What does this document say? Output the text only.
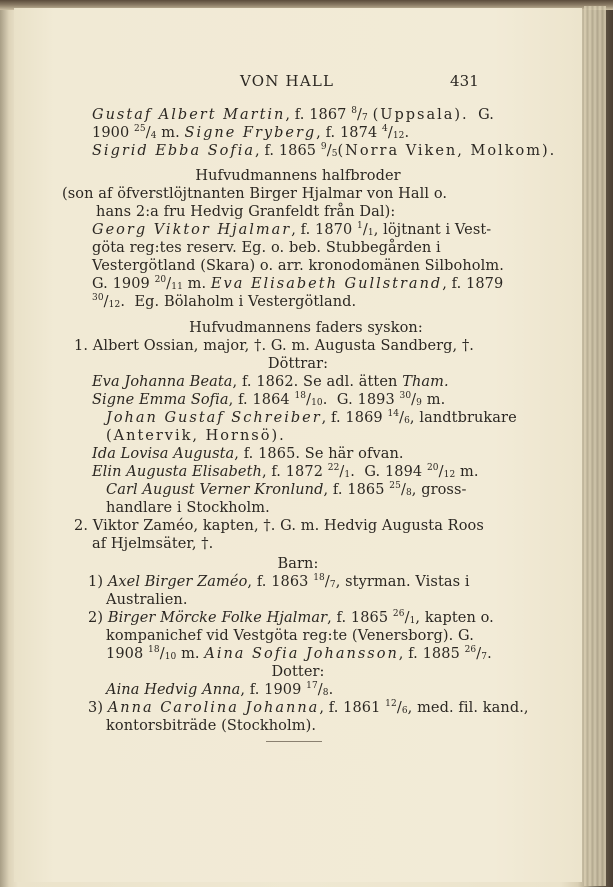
VON HALL	431
Gustaf Albert Martin, f. 1867 $^8/_7$ (Uppsala). G.
1900 $^{25}/_4$ m. Signe Fryberg, f. 1874 $^4/_{12}$.
Sigrid Ebba Sofia, f. 1865 $^9/_5(Norra$ Viken, Molkom).
Hufvudmannens halfbroder
(son af öfverstlöjtnanten Birger Hjalmar von Hall o.
hans 2:a fru Hedvig Granfeldt från Dal):
Georg Viktor Hjalmar, f. 1870 $^1/_1$, löjtnant i Vest-
göta reg:tes reserv. Eg. o. beb. Stubbegården i
Vestergötland (Skara) o. arr. kronodomänen Silboholm.
G. 1909 $^{20}/_{11}$ m. Eva Elisabeth Gullstrand, f. 1879
$^{30}/_{12}$.  Eg. Bölaholm i Vestergötland.
Hufvudmannens faders syskon:
1. Albert Ossian, major, †. G. m. Augusta Sandberg, †.
Döttrar:
Eva Johanna Beata, f. 1862. Se adl. ätten Tham.
Signe Emma Sofia, f. 1864 $^{18}/_{10}$.  G. 1893 $^{30}/_9$ m.
Johan Gustaf Schreiber, f. 1869 $^{14}/_6$, landtbrukare
(Antervik, Hornsö).
Ida Lovisa Augusta, f. 1865. Se här ofvan.
Elin Augusta Elisabeth, f. 1872 $^{22}/_1$.  G. 1894 $^{20}/_{12}$ m.
Carl August Verner Kronlund, f. 1865 $^{25}/_8$, gross-
handlare i Stockholm.
2. Viktor Zaméo, kapten, †. G. m. Hedvig Augusta Roos
af Hjelmsäter, †.
Barn:
1) Axel Birger Zaméo, f. 1863 $^{18}/_7$, styrman. Vistas i
Australien.
2) Birger Mörcke Folke Hjalmar, f. 1865 $^{26}/_1$, kapten o.
kompanichef vid Vestgöta reg:te (Venersborg). G.
1908 $^{18}/_{10}$ m. Aina Sofia Johansson, f. 1885 $^{26}/_7$.
Dotter:
Aina Hedvig Anna, f. 1909 $^{17}/_8$.
3) Anna Carolina Johanna, f. 1861 $^{12}/_6$, med. fil. kand.,
kontorsbiträde (Stockholm).
